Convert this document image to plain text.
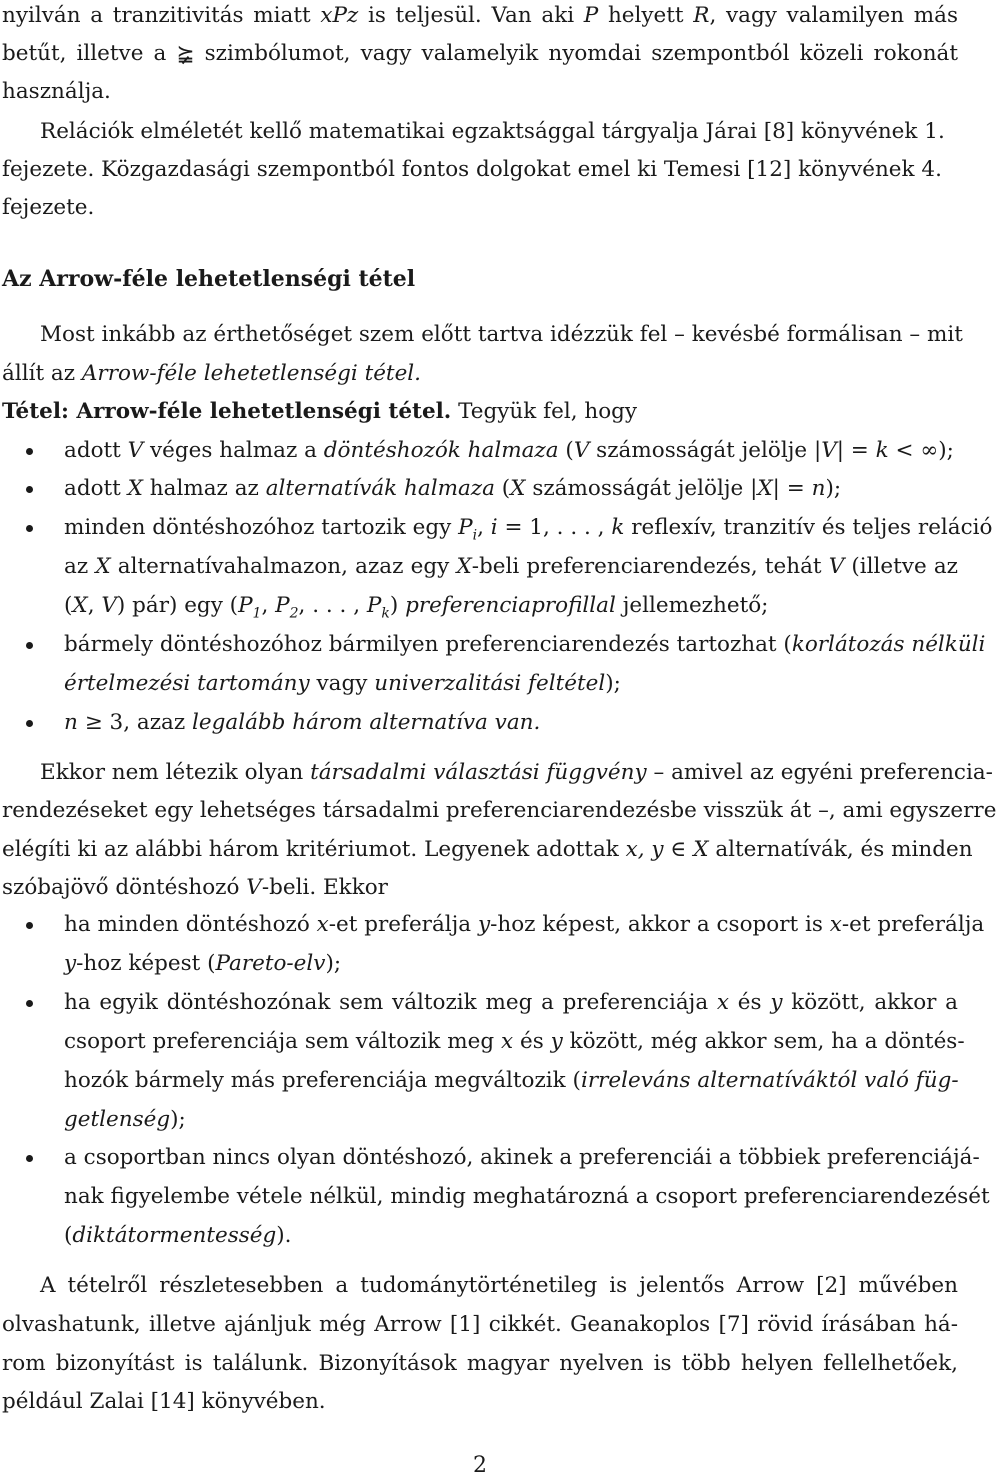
nyilván a tranzitivitás miatt xPz is teljesül. Van aki P helyett R, vagy valamilyen más
betűt, illetve a ⪶ szimbólumot, vagy valamelyik nyomdai szempontból közeli rokonát
használja.
Relációk elméletét kellő matematikai egzaktsággal tárgyalja Járai [8] könyvének 1.
fejezete. Közgazdasági szempontból fontos dolgokat emel ki Temesi [12] könyvének 4.
fejezete.
Az Arrow-féle lehetetlenségi tétel
Most inkább az érthetőséget szem előtt tartva idézzük fel – kevésbé formálisan – mit
állít az Arrow-féle lehetetlenségi tétel.
Tétel: Arrow-féle lehetetlenségi tétel. Tegyük fel, hogy
adott V véges halmaz a döntéshozók halmaza (V számosságát jelölje |V| = k < ∞);
adott X halmaz az alternatívák halmaza (X számosságát jelölje |X| = n);
minden döntéshozóhoz tartozik egy $P_i$, i = 1, . . . , k reflexív, tranzitív és teljes reláció
az X alternatívahalmazon, azaz egy X-beli preferenciarendezés, tehát V (illetve az
(X, V) pár) egy ($P_1$, $P_2$, . . . , $P_k$) preferenciaprofillal jellemezhető;
bármely döntéshozóhoz bármilyen preferenciarendezés tartozhat (korlátozás nélküli
értelmezési tartomány vagy univerzalitási feltétel);
n ≥ 3, azaz legalább három alternatíva van.
Ekkor nem létezik olyan társadalmi választási függvény – amivel az egyéni preferencia-
rendezéseket egy lehetséges társadalmi preferenciarendezésbe visszük át –, ami egyszerre
elégíti ki az alábbi három kritériumot. Legyenek adottak x, y ∈ X alternatívák, és minden
szóbajövő döntéshozó V-beli. Ekkor
ha minden döntéshozó x-et preferálja y-hoz képest, akkor a csoport is x-et preferálja
y-hoz képest (Pareto-elv);
ha egyik döntéshozónak sem változik meg a preferenciája x és y között, akkor a
csoport preferenciája sem változik meg x és y között, még akkor sem, ha a döntés-
hozók bármely más preferenciája megváltozik (irreleváns alternatíváktól való füg-
getlenség);
a csoportban nincs olyan döntéshozó, akinek a preferenciái a többiek preferenciájá-
nak figyelembe vétele nélkül, mindig meghatározná a csoport preferenciarendezését
(diktátormentesség).
A tételről részletesebben a tudománytörténetileg is jelentős Arrow [2] művében
olvashatunk, illetve ajánljuk még Arrow [1] cikkét. Geanakoplos [7] rövid írásában há-
rom bizonyítást is találunk. Bizonyítások magyar nyelven is több helyen fellelhetőek,
például Zalai [14] könyvében.
2
